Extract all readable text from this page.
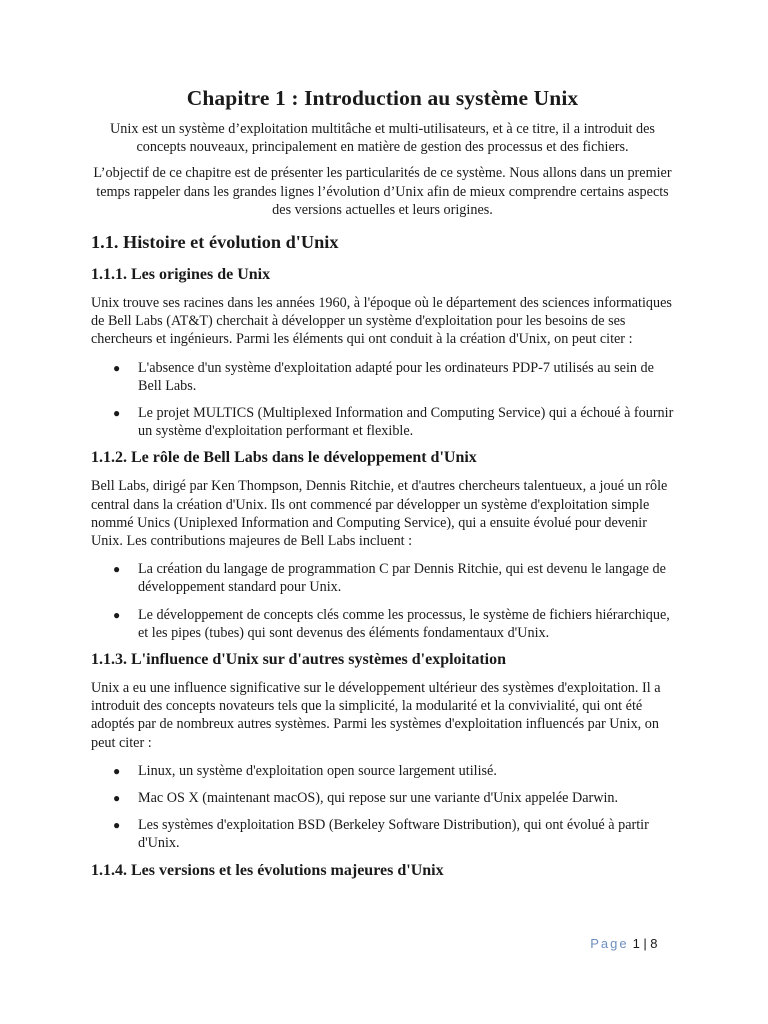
Chapitre 1 : Introduction au système Unix

Unix est un système d’exploitation multitâche et multi-utilisateurs, et à ce titre, il a introduit des concepts nouveaux, principalement en matière de gestion des processus et des fichiers.

L’objectif de ce chapitre est de présenter les particularités de ce système. Nous allons dans un premier temps rappeler dans les grandes lignes l’évolution d’Unix afin de mieux comprendre certains aspects des versions actuelles et leurs origines.

1.1. Histoire et évolution d'Unix
1.1.1. Les origines de Unix

Unix trouve ses racines dans les années 1960, à l'époque où le département des sciences informatiques de Bell Labs (AT&T) cherchait à développer un système d'exploitation pour les besoins de ses chercheurs et ingénieurs. Parmi les éléments qui ont conduit à la création d'Unix, on peut citer :

● L'absence d'un système d'exploitation adapté pour les ordinateurs PDP-7 utilisés au sein de Bell Labs.
● Le projet MULTICS (Multiplexed Information and Computing Service) qui a échoué à fournir un système d'exploitation performant et flexible.
1.1.2. Le rôle de Bell Labs dans le développement d'Unix

Bell Labs, dirigé par Ken Thompson, Dennis Ritchie, et d'autres chercheurs talentueux, a joué un rôle central dans la création d'Unix. Ils ont commencé par développer un système d'exploitation simple nommé Unics (Uniplexed Information and Computing Service), qui a ensuite évolué pour devenir Unix. Les contributions majeures de Bell Labs incluent :

● La création du langage de programmation C par Dennis Ritchie, qui est devenu le langage de développement standard pour Unix.
● Le développement de concepts clés comme les processus, le système de fichiers hiérarchique, et les pipes (tubes) qui sont devenus des éléments fondamentaux d'Unix.
1.1.3. L'influence d'Unix sur d'autres systèmes d'exploitation

Unix a eu une influence significative sur le développement ultérieur des systèmes d'exploitation. Il a introduit des concepts novateurs tels que la simplicité, la modularité et la convivialité, qui ont été adoptés par de nombreux autres systèmes. Parmi les systèmes d'exploitation influencés par Unix, on peut citer :

● Linux, un système d'exploitation open source largement utilisé.
● Mac OS X (maintenant macOS), qui repose sur une variante d'Unix appelée Darwin.
● Les systèmes d'exploitation BSD (Berkeley Software Distribution), qui ont évolué à partir d'Unix.
1.1.4. Les versions et les évolutions majeures d'Unix
Page 1 | 8
